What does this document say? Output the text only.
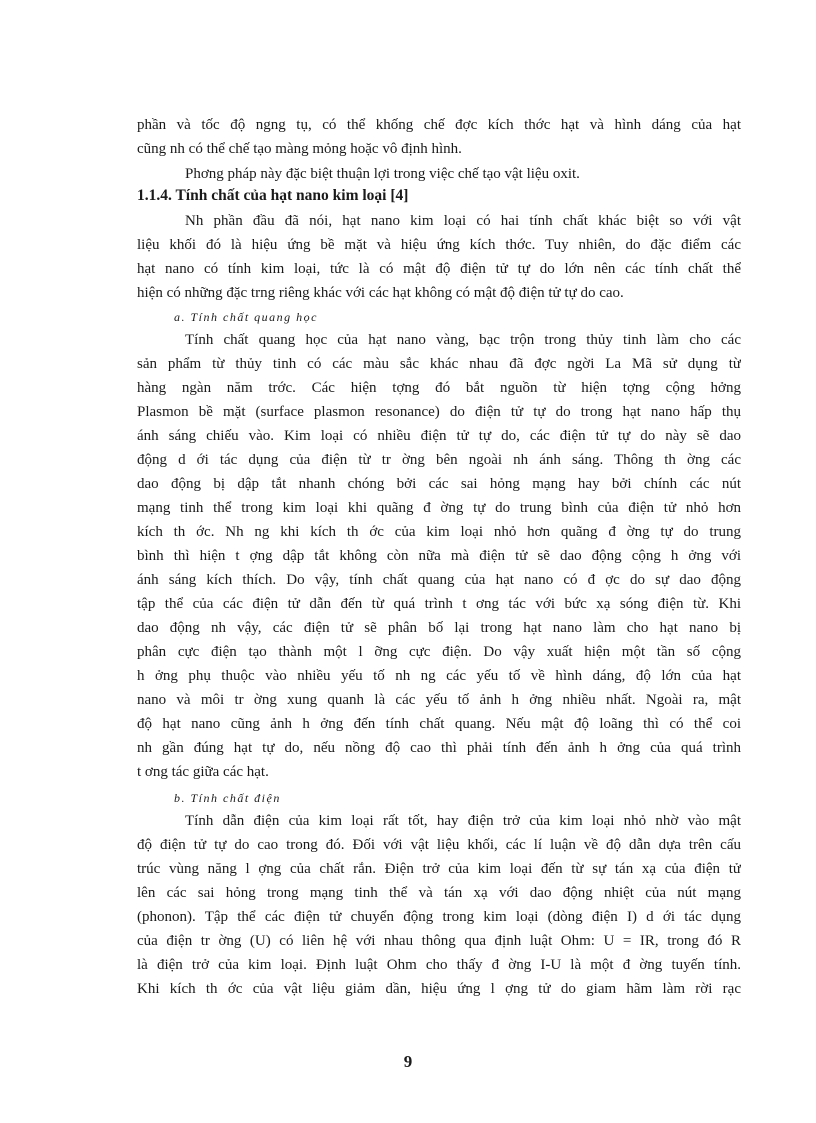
phần và tốc độ ngng tụ, có thể khống chế đợc kích thớc hạt và hình dáng của hạt
cũng nh có thể chế tạo màng mỏng hoặc vô định hình.
Phơng pháp này đặc biệt thuận lợi trong việc chế tạo vật liệu oxit.
1.1.4. Tính chất của hạt nano kim loại [4]
Nh phần đầu đã nói, hạt nano kim loại có hai tính chất khác biệt so với vật
liệu khối đó là hiệu ứng bề mặt và hiệu ứng kích thớc. Tuy nhiên, do đặc điểm các
hạt nano có tính kim loại, tức là có mật độ điện tử tự do lớn nên các tính chất thể
hiện có những đặc trng riêng khác với các hạt không có mật độ điện tử tự do cao.
a. Tính chất quang học
Tính chất quang học của hạt nano vàng, bạc trộn trong thủy tinh làm cho các
sản phẩm từ thủy tinh có các màu sắc khác nhau đã đợc ngời La Mã sử dụng từ
hàng ngàn năm trớc. Các hiện tợng đó bắt nguồn từ hiện tợng cộng hởng
Plasmon bề mặt (surface plasmon resonance) do điện tử tự do trong hạt nano hấp thụ
ánh sáng chiếu vào. Kim loại có nhiều điện tử tự do, các điện tử tự do này sẽ dao
động d ới tác dụng của điện từ tr ờng bên ngoài nh ánh sáng. Thông th ờng các
dao động bị dập tắt nhanh chóng bởi các sai hỏng mạng hay bởi chính các nút
mạng tinh thể trong kim loại khi quãng đ ờng tự do trung bình của điện tử nhỏ hơn
kích th ớc. Nh ng khi kích th ớc của kim loại nhỏ hơn quãng đ ờng tự do trung
bình thì hiện t ợng dập tắt không còn nữa mà điện tử sẽ dao động cộng h ởng với
ánh sáng kích thích. Do vậy, tính chất quang của hạt nano có đ ợc do sự dao động
tập thể của các điện tử dẫn đến từ quá trình t ơng tác với bức xạ sóng điện từ. Khi
dao động nh vậy, các điện tử sẽ phân bố lại trong hạt nano làm cho hạt nano bị
phân cực điện tạo thành một l ỡng cực điện. Do vậy xuất hiện một tần số cộng
h ởng phụ thuộc vào nhiều yếu tố nh ng các yếu tố về hình dáng, độ lớn của hạt
nano và môi tr ờng xung quanh là các yếu tố ảnh h ởng nhiều nhất. Ngoài ra, mật
độ hạt nano cũng ảnh h ởng đến tính chất quang. Nếu mật độ loãng thì có thể coi
nh gần đúng hạt tự do, nếu nồng độ cao thì phải tính đến ảnh h ởng của quá trình
t ơng tác giữa các hạt.
b. Tính chất điện
Tính dẫn điện của kim loại rất tốt, hay điện trở của kim loại nhỏ nhờ vào mật
độ điện tử tự do cao trong đó. Đối với vật liệu khối, các lí luận về độ dẫn dựa trên cấu
trúc vùng năng l ợng của chất rắn. Điện trở của kim loại đến từ sự tán xạ của điện tử
lên các sai hỏng trong mạng tinh thể và tán xạ với dao động nhiệt của nút mạng
(phonon). Tập thể các điện tử chuyển động trong kim loại (dòng điện I) d ới tác dụng
của điện tr ờng (U) có liên hệ với nhau thông qua định luật Ohm: U = IR, trong đó R
là điện trở của kim loại. Định luật Ohm cho thấy đ ờng I-U là một đ ờng tuyến tính.
Khi kích th ớc của vật liệu giảm dần, hiệu ứng l ợng tử do giam hãm làm rời rạc
9
